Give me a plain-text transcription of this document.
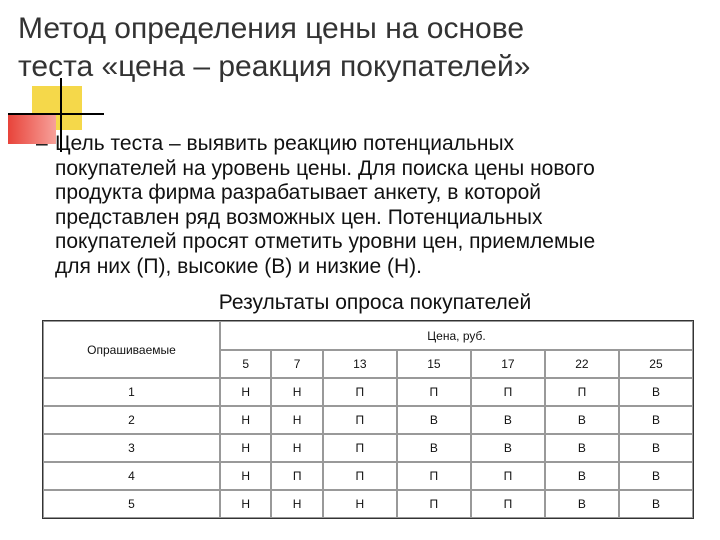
Метод определения цены на основе
теста «цена – реакция покупателей»
– Цель теста – выявить реакцию потенциальных
покупателей на уровень цены. Для поиска цены нового
продукта фирма разрабатывает анкету, в которой
представлен ряд возможных цен. Потенциальных
покупателей просят отметить уровни цен, приемлемые
для них (П), высокие (В) и низкие (Н).
Результаты опроса покупателей
Опрашиваемые	Цена, руб.						
	5	7	13	15	17	22	25
1	Н	Н	П	П	П	П	В
2	Н	Н	П	В	В	В	В
3	Н	Н	П	В	В	В	В
4	Н	П	П	П	П	В	В
5	Н	Н	Н	П	П	В	В
